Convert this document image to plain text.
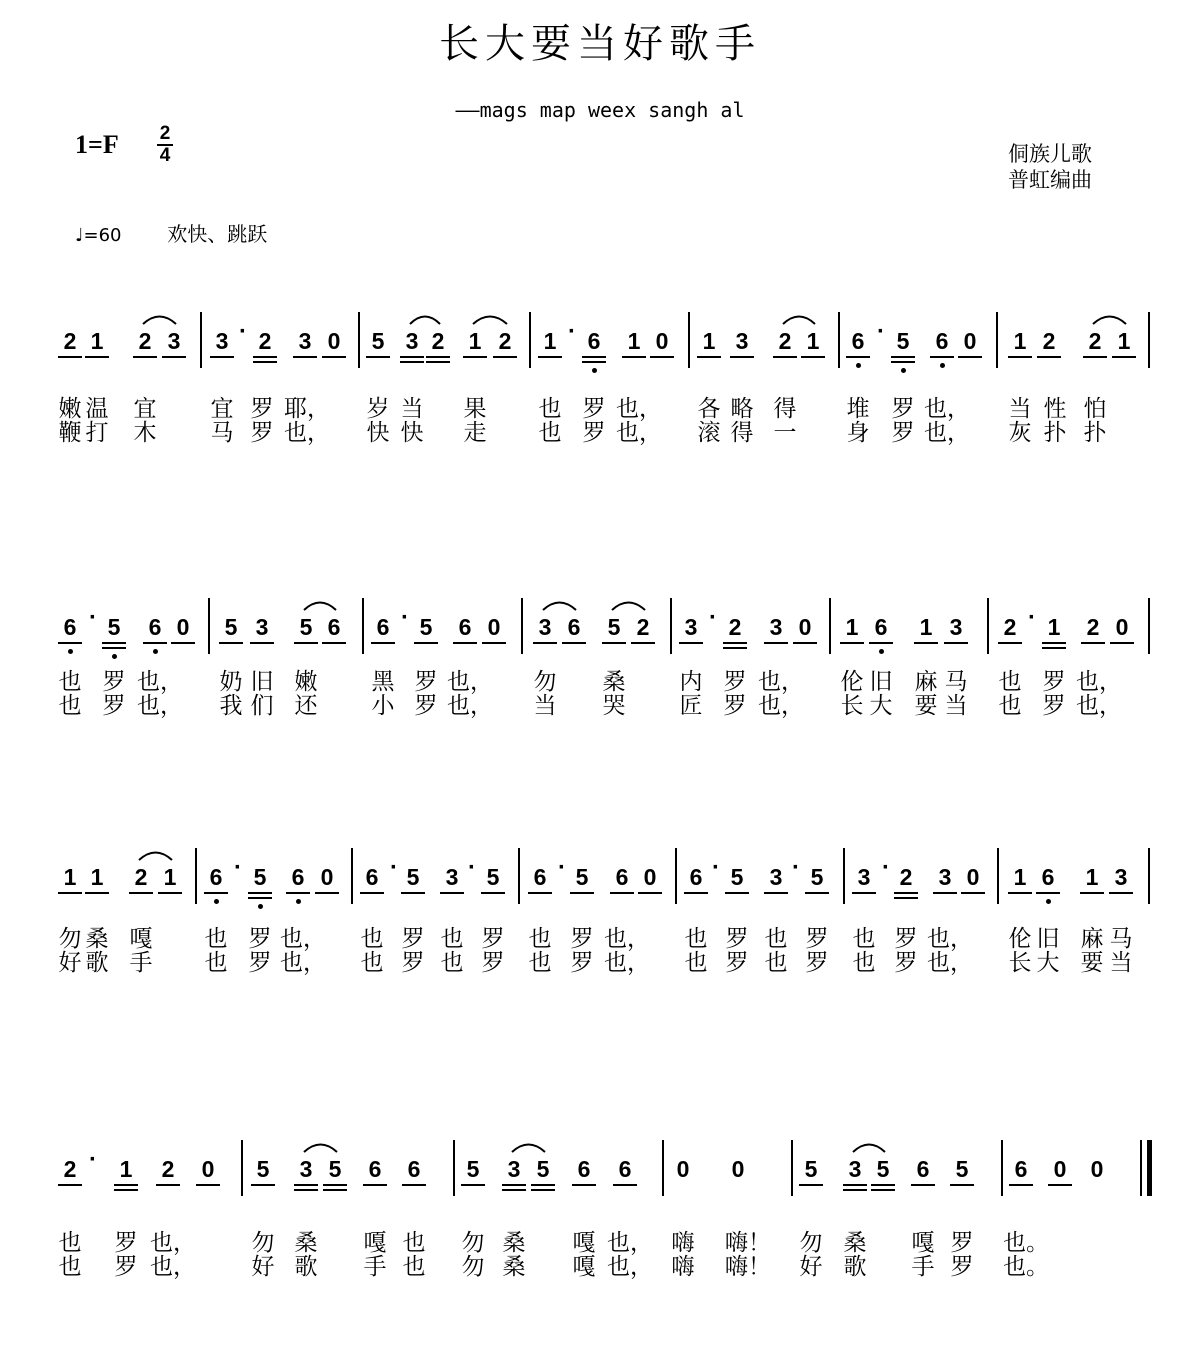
长大要当好歌手
——mags map weex sangh al
1=F 2
4	侗族儿歌
普虹编曲
♩=60 欢快、跳跃
2 1 2 3 3 · 2 3 0 5 3 2 1 2 1 · 6 1 0 1 3 2 1 6 · 5 6 0 1 2 2 1
6 · 5 6 0 5 3 5 6 6 · 5 6 0 3 6 5 2 3 · 2 3 0 1 6 1 3 2 · 1 2 0
1 1 2 1 6 · 5 6 0 6 · 5 3 · 5 6 · 5 6 0 6 · 5 3 · 5 3 · 2 3 0 1 6 1 3
2 · 1 2 0 5 3 5 6 6 5 3 5 6 6 0 0	5 3 5 6 5 6 0 0
嫩 温	宜	宜 罗 耶，	岁 当	果	也 罗 也，	各 略 得	堆 罗 也，	当 性 怕
鞭 打	木	马 罗 也，	快 快	走	也 罗 也，	滚 得 一	身 罗 也，	灰 扑 扑
也 罗 也，	奶 旧 嫩	黑 罗 也，	勿	桑	内 罗 也，	伦 旧 麻 马	也 罗 也，
也 罗 也，	我 们 还	小 罗 也，	当	哭	匠 罗 也，	长 大 要 当	也 罗 也，
勿 桑 嘎	也 罗 也，	也 罗 也 罗	也 罗 也，	也 罗 也 罗	也 罗 也，	伦 旧 麻 马
好 歌 手	也 罗 也，	也 罗 也 罗	也 罗 也，	也 罗 也 罗	也 罗 也，	长 大 要 当
也	罗 也，	勿 桑	嘎 也	勿 桑	嘎 也， 嗨	嗨！	勿 桑	嘎 罗	也。
也	罗 也，	好 歌	手 也	勿 桑	嘎 也， 嗨	嗨！	好 歌	手 罗	也。
